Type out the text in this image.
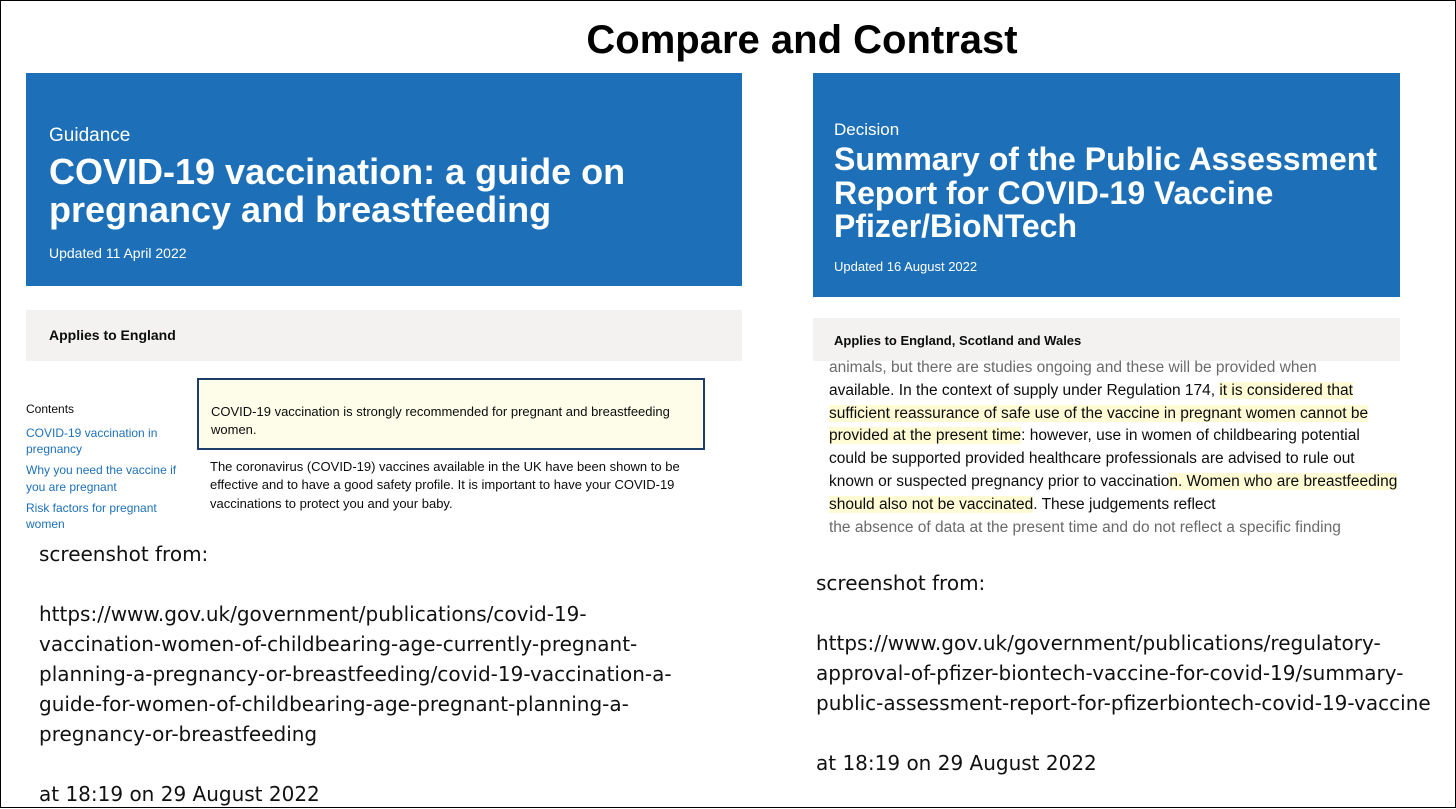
Compare and Contrast
Guidance
COVID-19 vaccination: a guide on pregnancy and breastfeeding
Updated 11 April 2022
Applies to England
Contents
COVID-19 vaccination in pregnancy
Why you need the vaccine if you are pregnant
Risk factors for pregnant women
COVID-19 vaccination is strongly recommended for pregnant and breastfeeding women.
The coronavirus (COVID-19) vaccines available in the UK have been shown to be effective and to have a good safety profile. It is important to have your COVID-19 vaccinations to protect you and your baby.
Decision
Summary of the Public Assessment Report for COVID-19 Vaccine Pfizer/BioNTech
Updated 16 August 2022
Applies to England, Scotland and Wales
animals, but there are studies ongoing and these will be provided when
available. In the context of supply under Regulation 174, it is considered that sufficient reassurance of safe use of the vaccine in pregnant women cannot be provided at the present time: however, use in women of childbearing potential could be supported provided healthcare professionals are advised to rule out known or suspected pregnancy prior to vaccination. Women who are breastfeeding should also not be vaccinated. These judgements reflect
the absence of data at the present time and do not reflect a specific finding
screenshot from:
https://www.gov.uk/government/publications/covid-19-
vaccination-women-of-childbearing-age-currently-pregnant-
planning-a-pregnancy-or-breastfeeding/covid-19-vaccination-a-
guide-for-women-of-childbearing-age-pregnant-planning-a-
pregnancy-or-breastfeeding
at 18:19 on 29 August 2022
screenshot from:
https://www.gov.uk/government/publications/regulatory-
approval-of-pfizer-biontech-vaccine-for-covid-19/summary-
public-assessment-report-for-pfizerbiontech-covid-19-vaccine
at 18:19 on 29 August 2022
